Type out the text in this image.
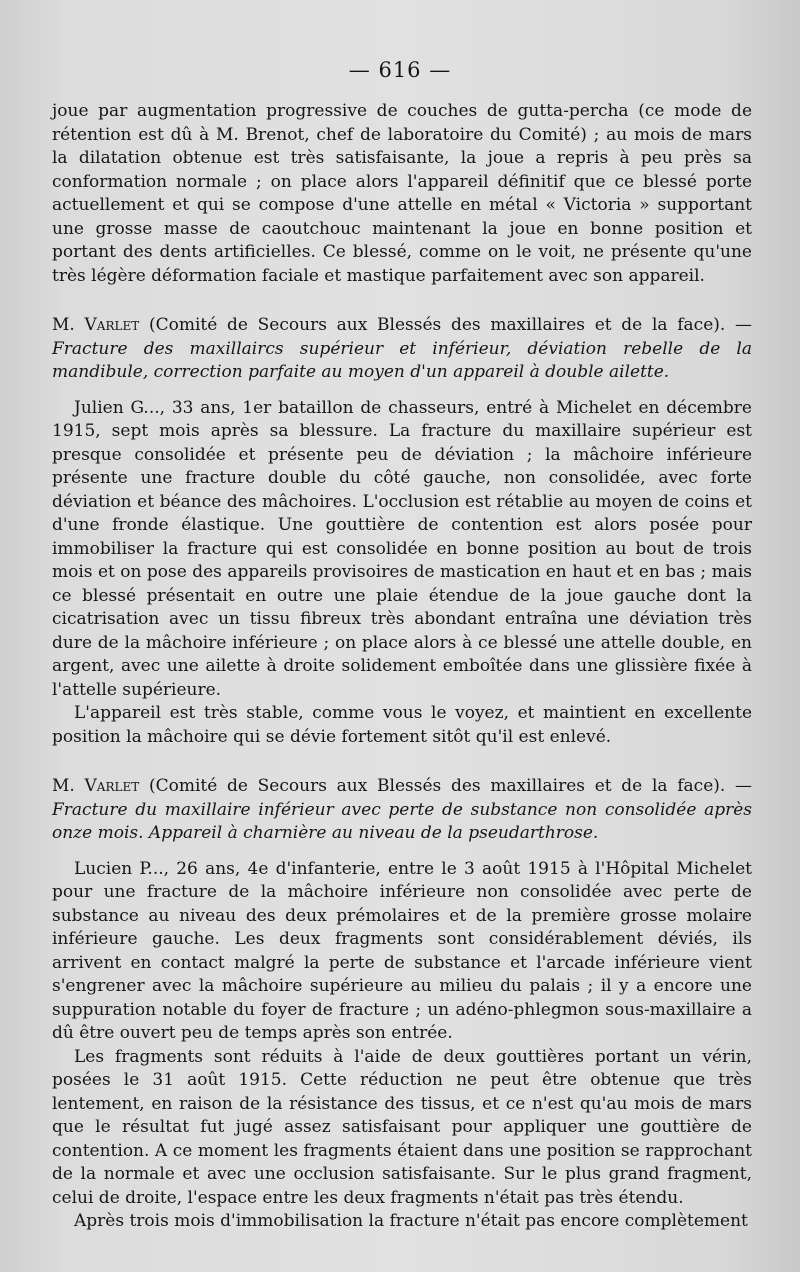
— 616 —

joue par augmentation progressive de couches de gutta-percha (ce mode de rétention est dû à M. Brenot, chef de laboratoire du Comité) ; au mois de mars la dilatation obtenue est très satisfaisante, la joue a repris à peu près sa conformation normale ; on place alors l'appareil définitif que ce blessé porte actuellement et qui se compose d'une attelle en métal « Victoria » supportant une grosse masse de caoutchouc maintenant la joue en bonne position et portant des dents artificielles. Ce blessé, comme on le voit, ne présente qu'une très légère déformation faciale et mastique parfaitement avec son appareil.

M. Varlet (Comité de Secours aux Blessés des maxillaires et de la face). — Fracture des maxillaircs supérieur et inférieur, déviation rebelle de la mandibule, correction parfaite au moyen d'un appareil à double ailette.

Julien G..., 33 ans, 1er bataillon de chasseurs, entré à Michelet en décembre 1915, sept mois après sa blessure. La fracture du maxillaire supérieur est presque consolidée et présente peu de déviation ; la mâchoire inférieure présente une fracture double du côté gauche, non consolidée, avec forte déviation et béance des mâchoires. L'occlusion est rétablie au moyen de coins et d'une fronde élastique. Une gouttière de contention est alors posée pour immobiliser la fracture qui est consolidée en bonne position au bout de trois mois et on pose des appareils provisoires de mastication en haut et en bas ; mais ce blessé présentait en outre une plaie étendue de la joue gauche dont la cicatrisation avec un tissu fibreux très abondant entraîna une déviation très dure de la mâchoire inférieure ; on place alors à ce blessé une attelle double, en argent, avec une ailette à droite solidement emboîtée dans une glissière fixée à l'attelle supérieure.

L'appareil est très stable, comme vous le voyez, et maintient en excellente position la mâchoire qui se dévie fortement sitôt qu'il est enlevé.

M. Varlet (Comité de Secours aux Blessés des maxillaires et de la face). — Fracture du maxillaire inférieur avec perte de substance non consolidée après onze mois. Appareil à charnière au niveau de la pseudarthrose.

Lucien P..., 26 ans, 4e d'infanterie, entre le 3 août 1915 à l'Hôpital Michelet pour une fracture de la mâchoire inférieure non consolidée avec perte de substance au niveau des deux prémolaires et de la première grosse molaire inférieure gauche. Les deux fragments sont considérablement déviés, ils arrivent en contact malgré la perte de substance et l'arcade inférieure vient s'engrener avec la mâchoire supérieure au milieu du palais ; il y a encore une suppuration notable du foyer de fracture ; un adéno-phlegmon sous-maxillaire a dû être ouvert peu de temps après son entrée.

Les fragments sont réduits à l'aide de deux gouttières portant un vérin, posées le 31 août 1915. Cette réduction ne peut être obtenue que très lentement, en raison de la résistance des tissus, et ce n'est qu'au mois de mars que le résultat fut jugé assez satisfaisant pour appliquer une gouttière de contention. A ce moment les fragments étaient dans une position se rapprochant de la normale et avec une occlusion satisfaisante. Sur le plus grand fragment, celui de droite, l'espace entre les deux fragments n'était pas très étendu.

Après trois mois d'immobilisation la fracture n'était pas encore complètement
